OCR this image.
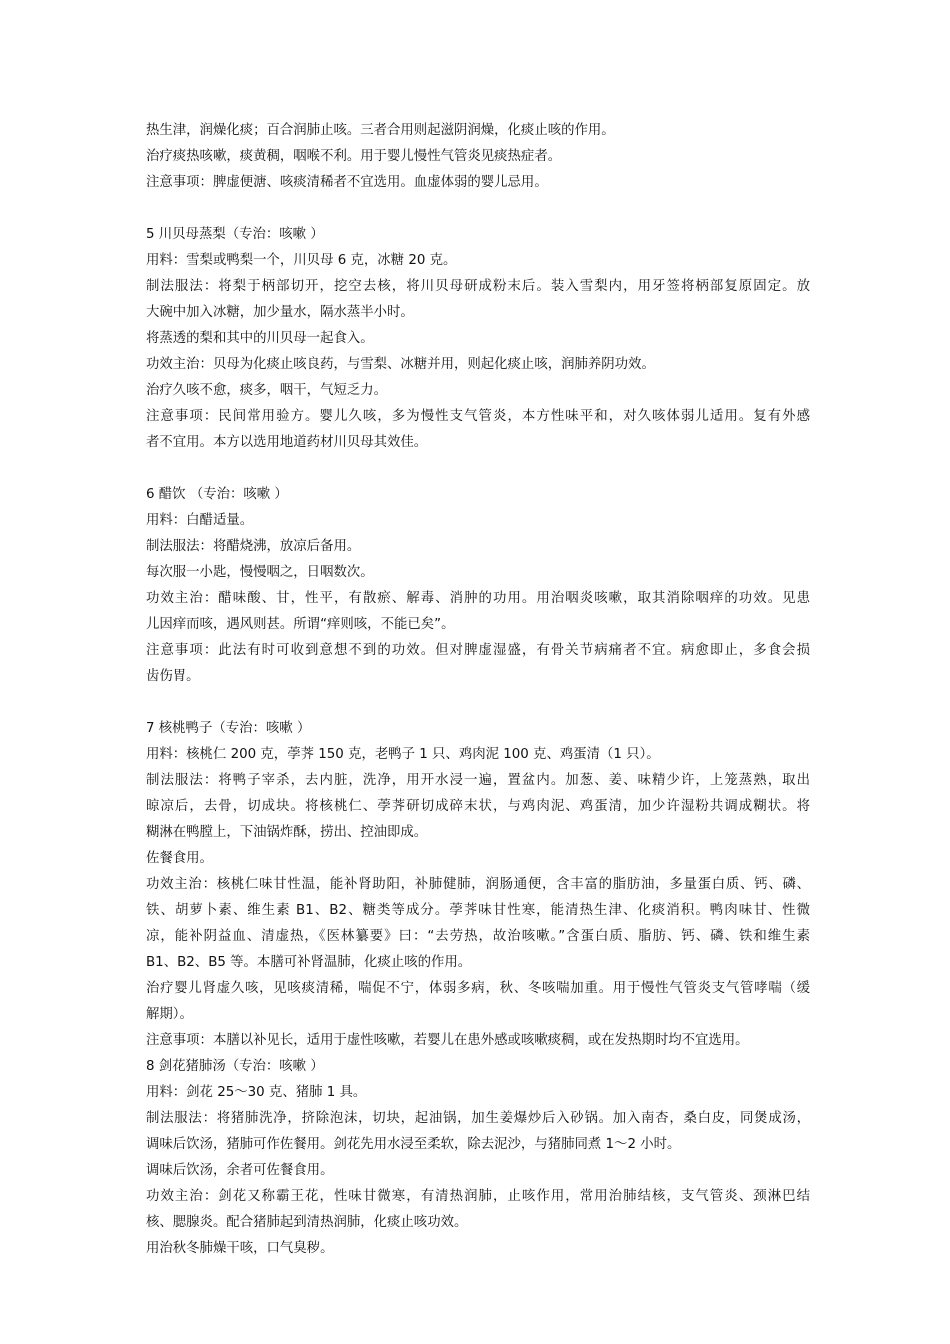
热生津，润燥化痰；百合润肺止咳。三者合用则起滋阴润燥，化痰止咳的作用。
治疗痰热咳嗽，痰黄稠，咽喉不利。用于婴儿慢性气管炎见痰热症者。
注意事项：脾虚便溏、咳痰清稀者不宜选用。血虚体弱的婴儿忌用。
5 川贝母蒸梨（专治：咳嗽 ）
用料：雪梨或鸭梨一个，川贝母 6 克，冰糖 20 克。
制法服法：将梨于柄部切开，挖空去核，将川贝母研成粉末后。装入雪梨内，用牙签将柄部复原固定。放
大碗中加入冰糖，加少量水，隔水蒸半小时。
将蒸透的梨和其中的川贝母一起食入。
功效主治：贝母为化痰止咳良药，与雪梨、冰糖并用，则起化痰止咳，润肺养阴功效。
治疗久咳不愈，痰多，咽干，气短乏力。
注意事项：民间常用验方。婴儿久咳，多为慢性支气管炎，本方性味平和，对久咳体弱儿适用。复有外感
者不宜用。本方以选用地道药材川贝母其效佳。
6 醋饮 （专治：咳嗽 ）
用料：白醋适量。
制法服法：将醋烧沸，放凉后备用。
每次服一小匙，慢慢咽之，日咽数次。
功效主治：醋味酸、甘，性平，有散瘀、解毒、消肿的功用。用治咽炎咳嗽，取其消除咽痒的功效。见患
儿因痒而咳，遇风则甚。所谓“痒则咳，不能已矣”。
注意事项：此法有时可收到意想不到的功效。但对脾虚湿盛，有骨关节病痛者不宜。病愈即止，多食会损
齿伤胃。
7 核桃鸭子（专治：咳嗽 ）
用料：核桃仁 200 克，荸荠 150 克，老鸭子 1 只、鸡肉泥 100 克、鸡蛋清（1 只）。
制法服法：将鸭子宰杀，去内脏，洗净，用开水浸一遍，置盆内。加葱、姜、味精少许，上笼蒸熟，取出
晾凉后，去骨，切成块。将核桃仁、荸荠研切成碎末状，与鸡肉泥、鸡蛋清，加少许湿粉共调成糊状。将
糊淋在鸭膛上，下油锅炸酥，捞出、控油即成。
佐餐食用。
功效主治：核桃仁味甘性温，能补肾助阳，补肺健肺，润肠通便，含丰富的脂肪油，多量蛋白质、钙、磷、
铁、胡萝卜素、维生素 B1、B2、糖类等成分。荸荠味甘性寒，能清热生津、化痰消积。鸭肉味甘、性微
凉，能补阴益血、清虚热，《医林纂要》曰：“去劳热，故治咳嗽。”含蛋白质、脂肪、钙、磷、铁和维生素
B1、B2、B5 等。本膳可补肾温肺，化痰止咳的作用。
治疗婴儿肾虚久咳，见咳痰清稀，喘促不宁，体弱多病，秋、冬咳喘加重。用于慢性气管炎支气管哮喘（缓
解期）。
注意事项：本膳以补见长，适用于虚性咳嗽，若婴儿在患外感或咳嗽痰稠，或在发热期时均不宜选用。
8 剑花猪肺汤（专治：咳嗽 ）
用料：剑花 25～30 克、猪肺 1 具。
制法服法：将猪肺洗净，挤除泡沫，切块，起油锅，加生姜爆炒后入砂锅。加入南杏，桑白皮，同煲成汤，
调味后饮汤，猪肺可作佐餐用。剑花先用水浸至柔软，除去泥沙，与猪肺同煮 1～2 小时。
调味后饮汤，余者可佐餐食用。
功效主治：剑花又称霸王花，性味甘微寒，有清热润肺，止咳作用，常用治肺结核，支气管炎、颈淋巴结
核、腮腺炎。配合猪肺起到清热润肺，化痰止咳功效。
用治秋冬肺燥干咳，口气臭秽。
